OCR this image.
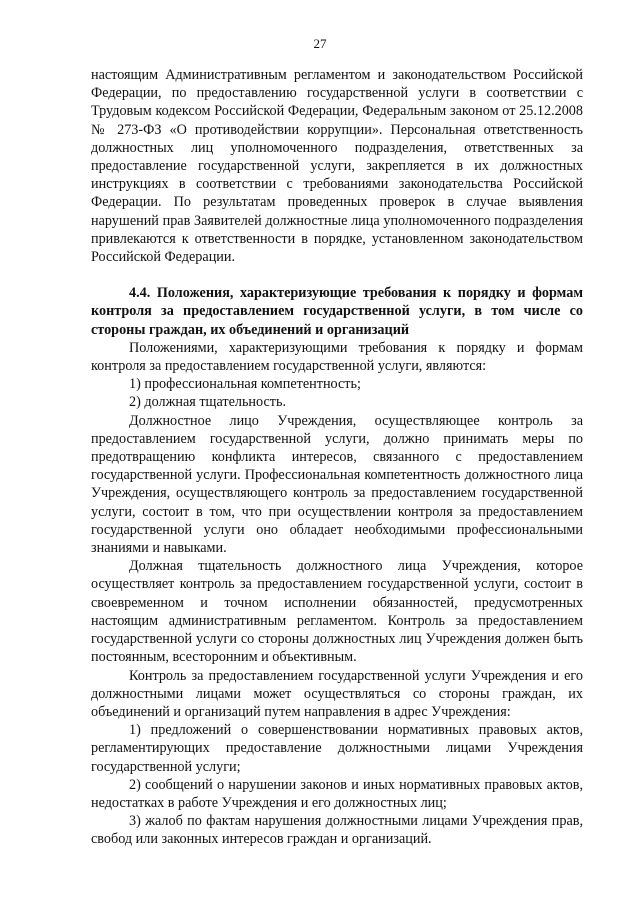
27

настоящим Административным регламентом и законодательством Российской Федерации, по предоставлению государственной услуги в соответствии с Трудовым кодексом Российской Федерации, Федеральным законом от 25.12.2008 № 273-ФЗ «О противодействии коррупции». Персональная ответственность должностных лиц уполномоченного подразделения, ответственных за предоставление государственной услуги, закрепляется в их должностных инструкциях в соответствии с требованиями законодательства Российской Федерации. По результатам проведенных проверок в случае выявления нарушений прав Заявителей должностные лица уполномоченного подразделения привлекаются к ответственности в порядке, установленном законодательством Российской Федерации.

4.4. Положения, характеризующие требования к порядку и формам контроля за предоставлением государственной услуги, в том числе со стороны граждан, их объединений и организаций

Положениями, характеризующими требования к порядку и формам контроля за предоставлением государственной услуги, являются:

1) профессиональная компетентность;

2) должная тщательность.

Должностное лицо Учреждения, осуществляющее контроль за предоставлением государственной услуги, должно принимать меры по предотвращению конфликта интересов, связанного с предоставлением государственной услуги. Профессиональная компетентность должностного лица Учреждения, осуществляющего контроль за предоставлением государственной услуги, состоит в том, что при осуществлении контроля за предоставлением государственной услуги оно обладает необходимыми профессиональными знаниями и навыками.

Должная тщательность должностного лица Учреждения, которое осуществляет контроль за предоставлением государственной услуги, состоит в своевременном и точном исполнении обязанностей, предусмотренных настоящим административным регламентом. Контроль за предоставлением государственной услуги со стороны должностных лиц Учреждения должен быть постоянным, всесторонним и объективным.

Контроль за предоставлением государственной услуги Учреждения и его должностными лицами может осуществляться со стороны граждан, их объединений и организаций путем направления в адрес Учреждения:

1) предложений о совершенствовании нормативных правовых актов, регламентирующих предоставление должностными лицами Учреждения государственной услуги;

2) сообщений о нарушении законов и иных нормативных правовых актов, недостатках в работе Учреждения и его должностных лиц;

3) жалоб по фактам нарушения должностными лицами Учреждения прав, свобод или законных интересов граждан и организаций.
